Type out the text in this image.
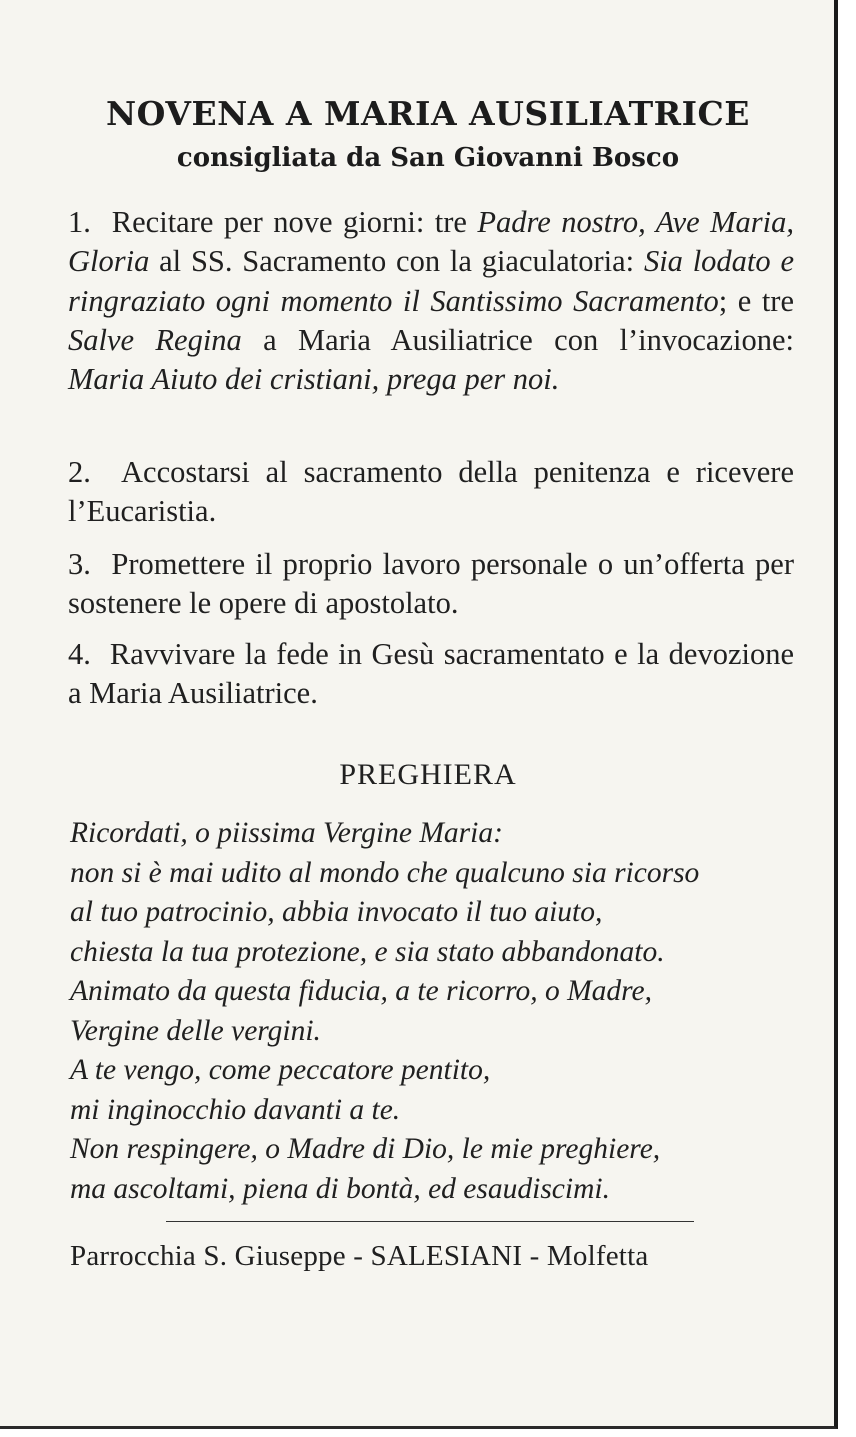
NOVENA A MARIA AUSILIATRICE
consigliata da San Giovanni Bosco
1. Recitare per nove giorni: tre Padre nostro, Ave Maria, Gloria al SS. Sacramento con la giaculatoria: Sia lodato e ringraziato ogni momento il Santissimo Sacramento; e tre Salve Regina a Maria Ausiliatrice con l’invocazione: Maria Aiuto dei cristiani, prega per noi.
2. Accostarsi al sacramento della penitenza e ricevere l’Eucaristia.
3. Promettere il proprio lavoro personale o un’offerta per sostenere le opere di apostolato.
4. Ravvivare la fede in Gesù sacramentato e la devozione a Maria Ausiliatrice.
PREGHIERA
Ricordati, o piissima Vergine Maria:
non si è mai udito al mondo che qualcuno sia ricorso
al tuo patrocinio, abbia invocato il tuo aiuto,
chiesta la tua protezione, e sia stato abbandonato.
Animato da questa fiducia, a te ricorro, o Madre,
Vergine delle vergini.
A te vengo, come peccatore pentito,
mi inginocchio davanti a te.
Non respingere, o Madre di Dio, le mie preghiere,
ma ascoltami, piena di bontà, ed esaudiscimi.
Parrocchia S. Giuseppe - SALESIANI - Molfetta
